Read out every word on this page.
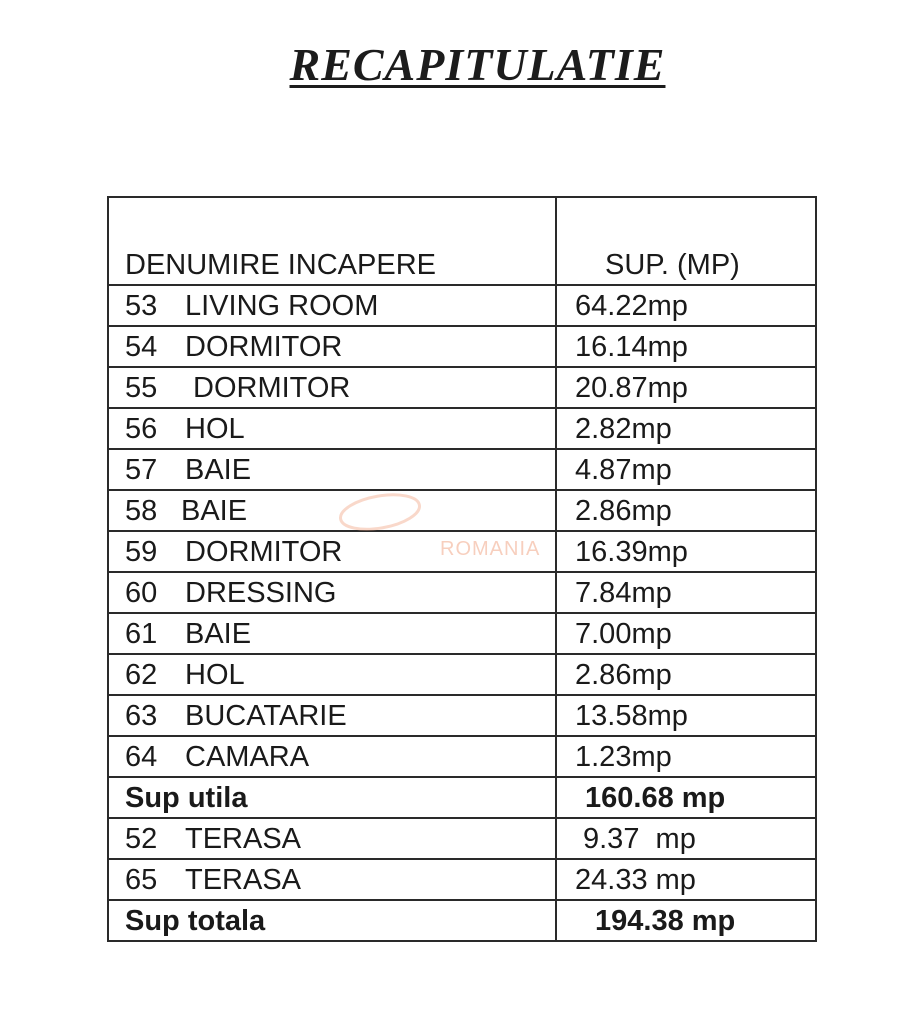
RECAPITULATIE
DENUMIRE INCAPERE	SUP. (MP)
53 LIVING ROOM	64.22mp
54 DORMITOR	16.14mp
55 DORMITOR	20.87mp
56 HOL	2.82mp
57 BAIE	4.87mp
58 BAIE	2.86mp
59 DORMITOR	16.39mp
60 DRESSING	7.84mp
61 BAIE	7.00mp
62 HOL	2.86mp
63 BUCATARIE	13.58mp
64 CAMARA	1.23mp
Sup utila	160.68 mp
52 TERASA	9.37  mp
65 TERASA	24.33 mp
Sup totala	194.38 mp
ROMANIA
